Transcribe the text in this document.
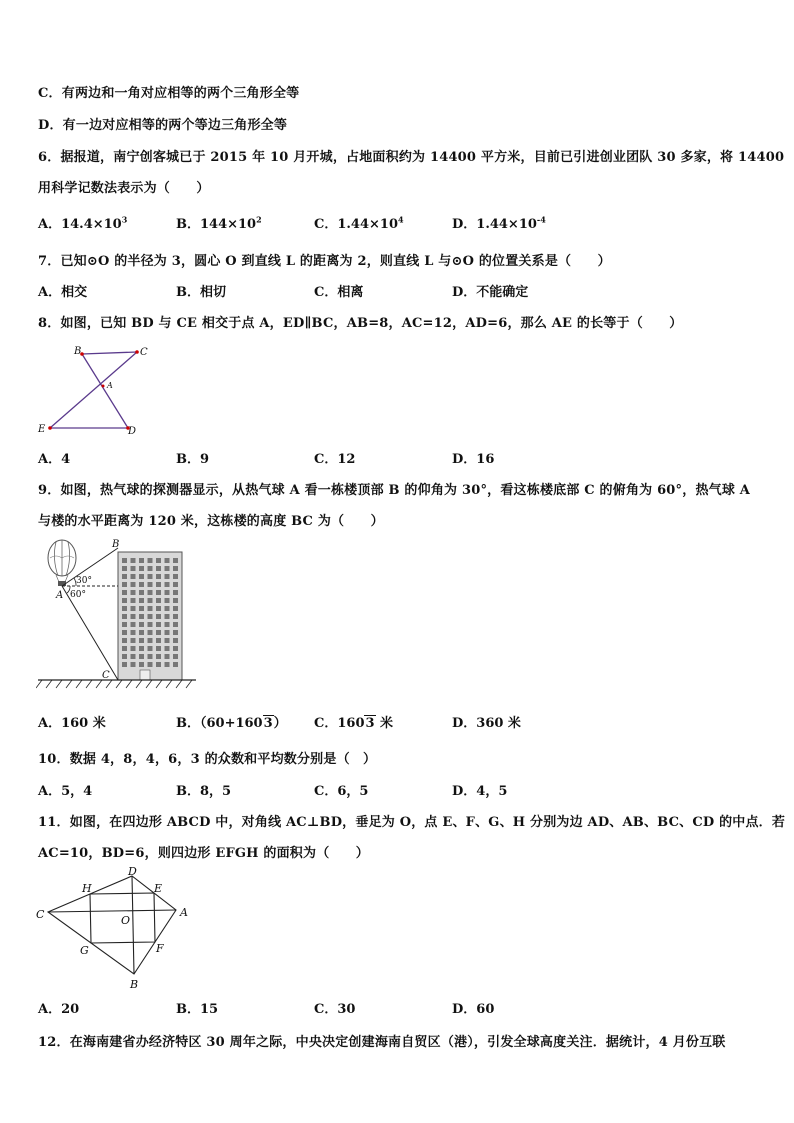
C．有两边和一角对应相等的两个三角形全等
D．有一边对应相等的两个等边三角形全等
6．据报道，南宁创客城已于 2015 年 10 月开城，占地面积约为 14400 平方米，目前已引进创业团队 30 多家，将 14400
用科学记数法表示为（　　）
A．$14.4\times 10^3$	B．$144\times 10^2$	C．$1.44\times 10^4$	D．$1.44\times 10^{-4}$
7．已知⊙O 的半径为 3，圆心 O 到直线 L 的距离为 2，则直线 L 与⊙O 的位置关系是（　　）
A．相交	B．相切	C．相离	D．不能确定
8．如图，已知 BD 与 CE 相交于点 A，ED∥BC，AB=8，AC=12，AD=6，那么 AE 的长等于（　　）
B	C
A
E	D
A．4	B．9	C．12	D．16
9．如图，热气球的探测器显示，从热气球 A 看一栋楼顶部 B 的仰角为 30°，看这栋楼底部 C 的俯角为 60°，热气球 A
与楼的水平距离为 120 米，这栋楼的高度 BC 为（　　）
B
A
C
30°
60°
A．160 米	B．（60+1603） C．1603 米	D．360 米
10．数据 4，8，4，6，3 的众数和平均数分别是（　）
A．5，4	B．8，5	C．6，5	D．4，5
11．如图，在四边形 ABCD 中，对角线 AC⊥BD，垂足为 O，点 E、F、G、H 分别为边 AD、AB、BC、CD 的中点．若
AC=10，BD=6，则四边形 EFGH 的面积为（　　）
C
D
A
B
H	E
F
G
O
A．20	B．15	C．30	D．60
12．在海南建省办经济特区 30 周年之际，中央决定创建海南自贸区（港），引发全球高度关注．据统计，4 月份互联
